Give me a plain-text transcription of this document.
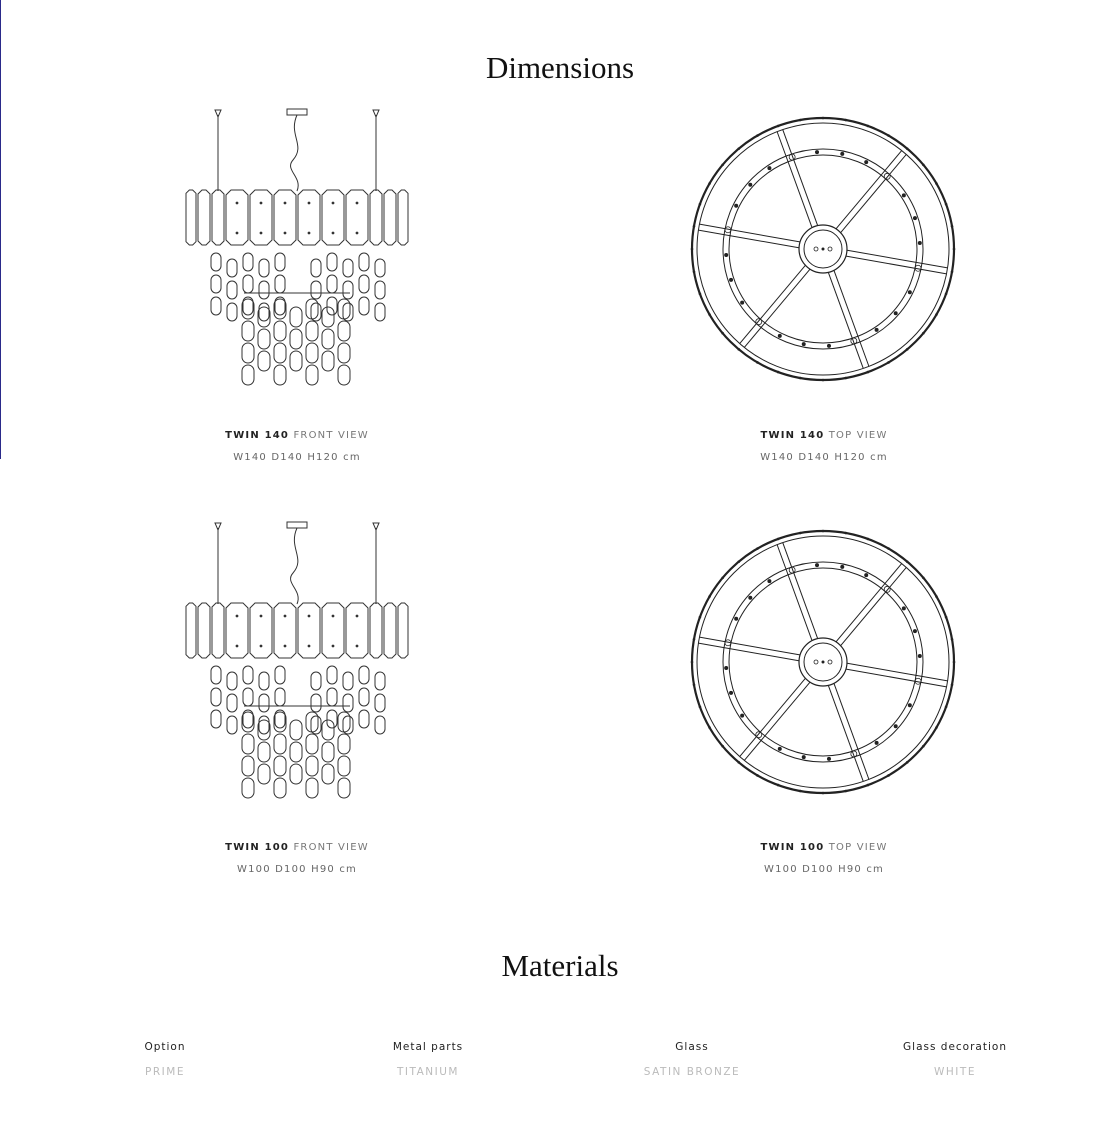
Dimensions
TWIN 140 FRONT VIEW
W140 D140 H120 cm
TWIN 140 TOP VIEW
W140 D140 H120 cm
TWIN 100 FRONT VIEW
W100 D100 H90 cm
TWIN 100 TOP VIEW
W100 D100 H90 cm
Materials
Option
PRIME
Metal parts
TITANIUM
Glass
SATIN BRONZE
Glass decoration
WHITE
